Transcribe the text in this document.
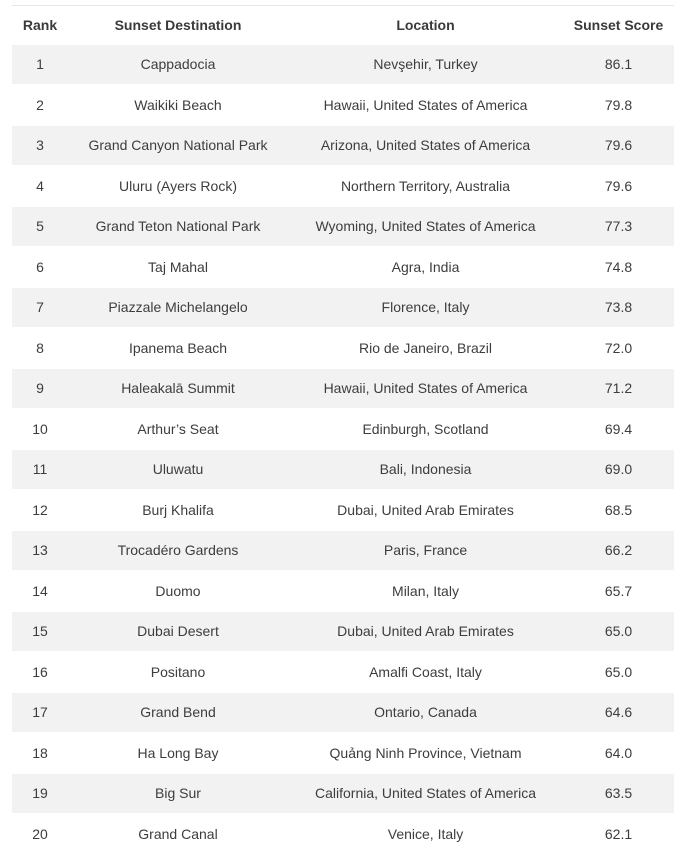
Rank	Sunset Destination	Location	Sunset Score
1	Cappadocia	Nevşehir, Turkey	86.1
2	Waikiki Beach	Hawaii, United States of America	79.8
3	Grand Canyon National Park	Arizona, United States of America	79.6
4	Uluru (Ayers Rock)	Northern Territory, Australia	79.6
5	Grand Teton National Park	Wyoming, United States of America	77.3
6	Taj Mahal	Agra, India	74.8
7	Piazzale Michelangelo	Florence, Italy	73.8
8	Ipanema Beach	Rio de Janeiro, Brazil	72.0
9	Haleakalā Summit	Hawaii, United States of America	71.2
10	Arthur’s Seat	Edinburgh, Scotland	69.4
11	Uluwatu	Bali, Indonesia	69.0
12	Burj Khalifa	Dubai, United Arab Emirates	68.5
13	Trocadéro Gardens	Paris, France	66.2
14	Duomo	Milan, Italy	65.7
15	Dubai Desert	Dubai, United Arab Emirates	65.0
16	Positano	Amalfi Coast, Italy	65.0
17	Grand Bend	Ontario, Canada	64.6
18	Ha Long Bay	Quảng Ninh Province, Vietnam	64.0
19	Big Sur	California, United States of America	63.5
20	Grand Canal	Venice, Italy	62.1
